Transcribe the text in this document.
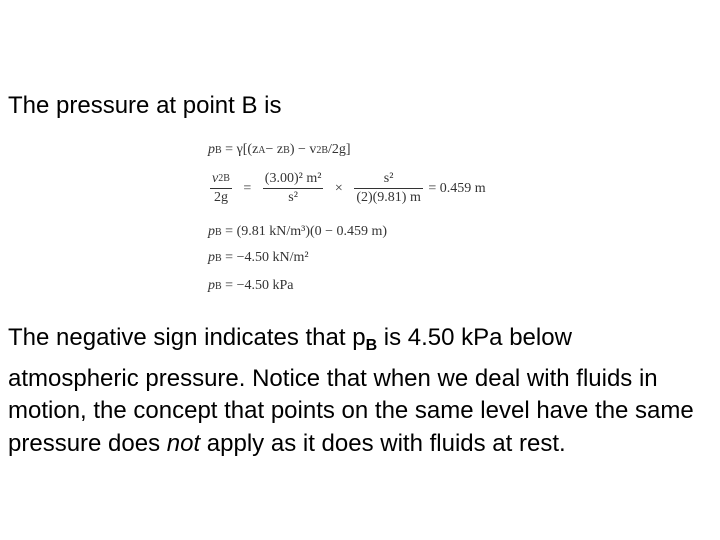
The pressure at point B is

pB = γ[(zA− zB) − v2B/2g]
$\frac{v2B}{2g} = \frac{\text{(3.00)² m²}}{\text{s²}} \times \frac{\text{s²}}{(2)(9.81) m} = 0.459$ m
pB = (9.81 kN/m³)(0 − 0.459 m)
pB = −4.50 kN/m²
pB = −4.50 kPa

The negative sign indicates that $p_B$ is 4.50 kPa below atmospheric pressure. Notice that when we deal with fluids in motion, the concept that points on the same level have the same pressure does not apply as it does with fluids at rest.
